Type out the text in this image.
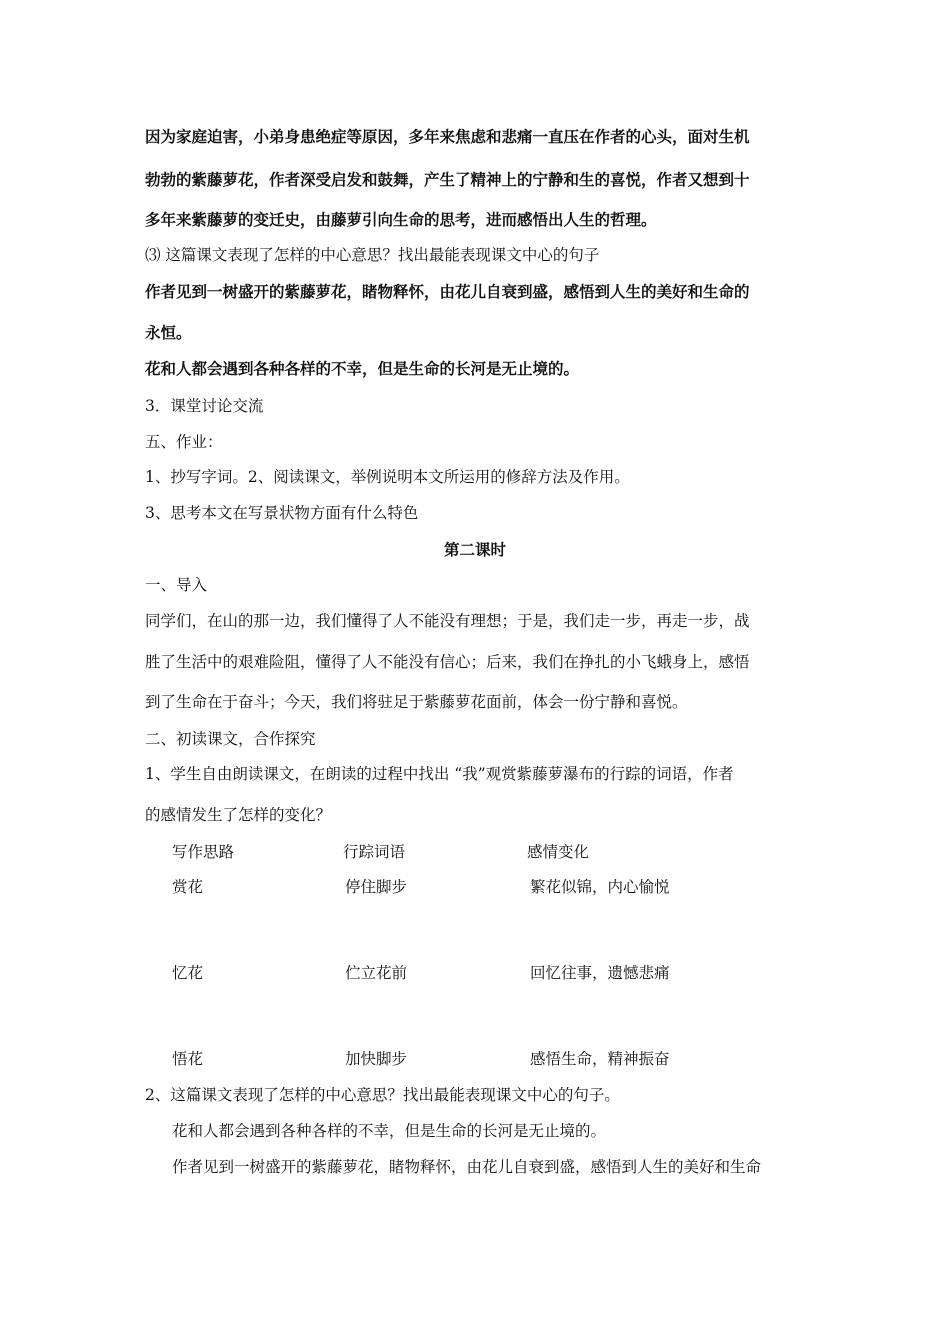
因为家庭迫害，小弟身患绝症等原因，多年来焦虑和悲痛一直压在作者的心头，面对生机
勃勃的紫藤萝花，作者深受启发和鼓舞，产生了精神上的宁静和生的喜悦，作者又想到十
多年来紫藤萝的变迁史，由藤萝引向生命的思考，进而感悟出人生的哲理。
⑶ 这篇课文表现了怎样的中心意思？找出最能表现课文中心的句子
作者见到一树盛开的紫藤萝花，睹物释怀，由花儿自衰到盛，感悟到人生的美好和生命的
永恒。
花和人都会遇到各种各样的不幸，但是生命的长河是无止境的。
3．课堂讨论交流
五、作业：
1、抄写字词。2、阅读课文，举例说明本文所运用的修辞方法及作用。
3、思考本文在写景状物方面有什么特色
第二课时
一、导入
同学们，在山的那一边，我们懂得了人不能没有理想；于是，我们走一步，再走一步，战
胜了生活中的艰难险阻，懂得了人不能没有信心；后来，我们在挣扎的小飞蛾身上，感悟
到了生命在于奋斗；今天，我们将驻足于紫藤萝花面前，体会一份宁静和喜悦。
二、初读课文，合作探究
1、学生自由朗读课文，在朗读的过程中找出 “我”观赏紫藤萝瀑布的行踪的词语，作者
的感情发生了怎样的变化？
写作思路	行踪词语	感情变化
赏花	停住脚步	繁花似锦，内心愉悦
忆花	伫立花前	回忆往事，遗憾悲痛
悟花	加快脚步	感悟生命，精神振奋
2、这篇课文表现了怎样的中心意思？找出最能表现课文中心的句子。
花和人都会遇到各种各样的不幸，但是生命的长河是无止境的。
作者见到一树盛开的紫藤萝花，睹物释怀，由花儿自衰到盛，感悟到人生的美好和生命
